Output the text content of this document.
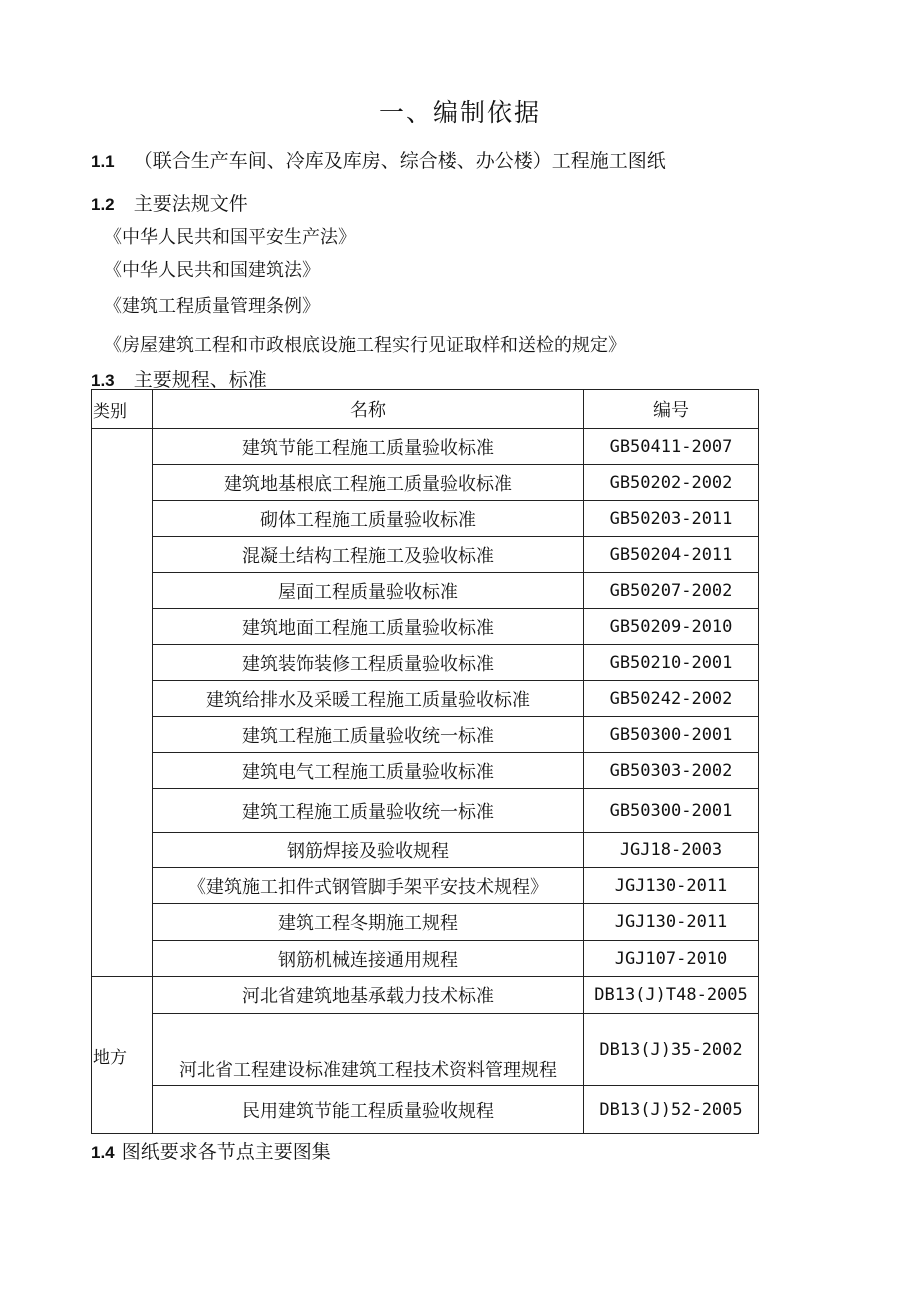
一、编制依据
1.1 （联合生产车间、冷库及库房、综合楼、办公楼）工程施工图纸
1.2 主要法规文件
《中华人民共和国平安生产法》
《中华人民共和国建筑法》
《建筑工程质量管理条例》
《房屋建筑工程和市政根底设施工程实行见证取样和送检的规定》
1.3 主要规程、标准
类别	名称	编号
	建筑节能工程施工质量验收标准	GB50411-2007
	建筑地基根底工程施工质量验收标准	GB50202-2002
	砌体工程施工质量验收标准	GB50203-2011
	混凝土结构工程施工及验收标准	GB50204-2011
	屋面工程质量验收标准	GB50207-2002
	建筑地面工程施工质量验收标准	GB50209-2010
	建筑装饰装修工程质量验收标准	GB50210-2001
	建筑给排水及采暖工程施工质量验收标准	GB50242-2002
	建筑工程施工质量验收统一标准	GB50300-2001
	建筑电气工程施工质量验收标准	GB50303-2002
	建筑工程施工质量验收统一标准	GB50300-2001
	钢筋焊接及验收规程	JGJ18-2003
	《建筑施工扣件式钢管脚手架平安技术规程》	JGJ130-2011
	建筑工程冬期施工规程	JGJ130-2011
	钢筋机械连接通用规程	JGJ107-2010
地方	河北省建筑地基承载力技术标准	DB13(J)T48-2005
	河北省工程建设标准建筑工程技术资料管理规程	DB13(J)35-2002
	民用建筑节能工程质量验收规程	DB13(J)52-2005
1.4 图纸要求各节点主要图集
